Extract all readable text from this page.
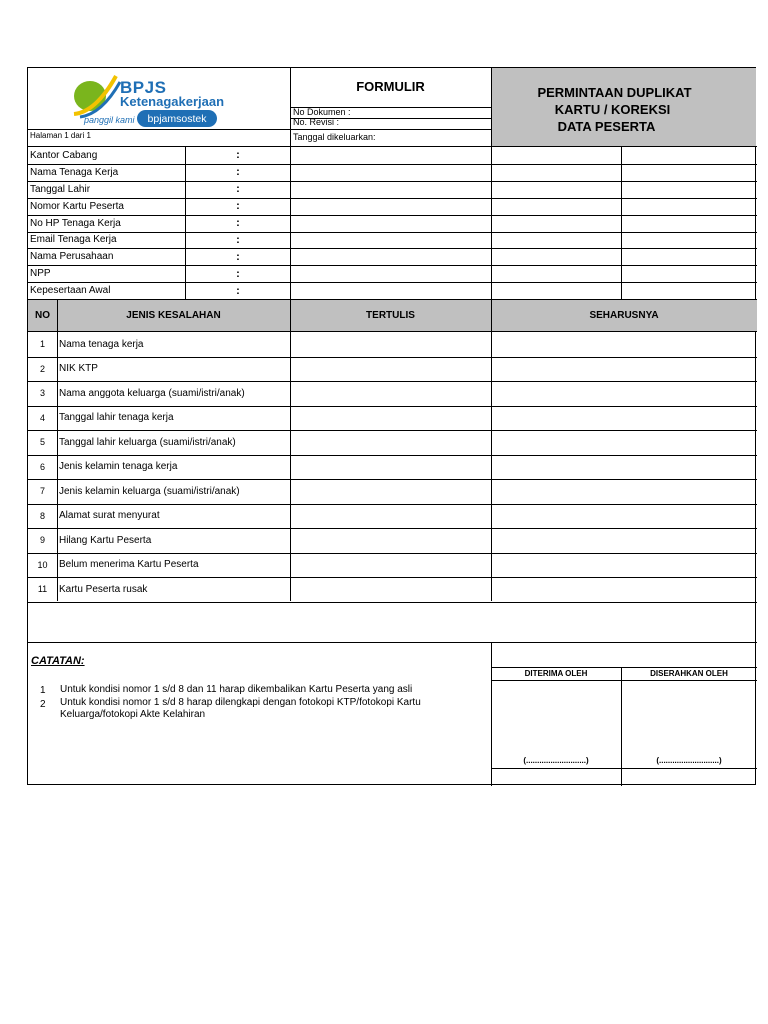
BPJS
Ketenagakerjaan
panggil kami	bpjamsostek
Halaman 1 dari 1
FORMULIR
No Dokumen :
No. Revisi :
Tanggal dikeluarkan:
PERMINTAAN DUPLIKAT
KARTU / KOREKSI
DATA PESERTA
Kantor Cabang	:
Nama Tenaga Kerja	:
Tanggal Lahir	:
Nomor Kartu Peserta	:
No HP Tenaga Kerja	:
Email Tenaga Kerja	:
Nama Perusahaan	:
NPP	:
Kepesertaan Awal	:
NO	JENIS KESALAHAN	TERTULIS	SEHARUSNYA
1	Nama tenaga kerja
2	NIK KTP
3	Nama anggota keluarga (suami/istri/anak)
4	Tanggal lahir tenaga kerja
5	Tanggal lahir keluarga (suami/istri/anak)
6	Jenis kelamin tenaga kerja
7	Jenis kelamin keluarga (suami/istri/anak)
8	Alamat surat menyurat
9	Hilang Kartu Peserta
10	Belum menerima Kartu Peserta
11	Kartu Peserta rusak
CATATAN:
1 Untuk kondisi nomor 1 s/d 8 dan 11 harap dikembalikan Kartu Peserta yang asli
2 Untuk kondisi nomor 1 s/d 8 harap dilengkapi dengan fotokopi KTP/fotokopi Kartu Keluarga/fotokopi Akte Kelahiran
DITERIMA OLEH	DISERAHKAN OLEH
(...........................)	(...........................)
